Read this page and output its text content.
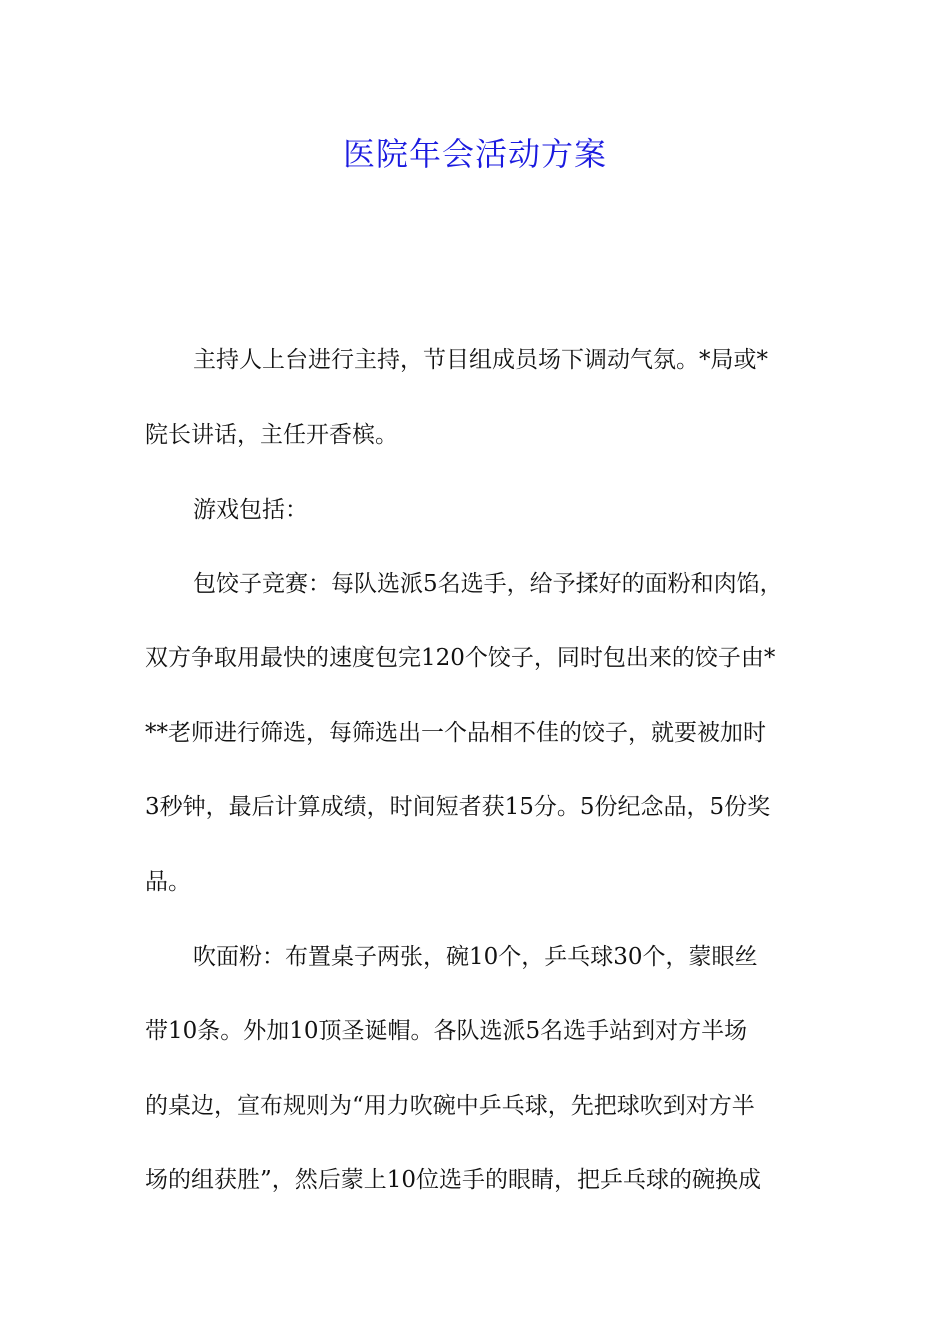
医院年会活动方案
主持人上台进行主持，节目组成员场下调动气氛。*局或*
院长讲话，主任开香槟。
游戏包括：
包饺子竞赛：每队选派5名选手，给予揉好的面粉和肉馅，
双方争取用最快的速度包完120个饺子，同时包出来的饺子由*
**老师进行筛选，每筛选出一个品相不佳的饺子，就要被加时
3秒钟，最后计算成绩，时间短者获15分。5份纪念品，5份奖
品。
吹面粉：布置桌子两张，碗10个，乒乓球30个，蒙眼丝
带10条。外加10顶圣诞帽。各队选派5名选手站到对方半场
的桌边，宣布规则为“用力吹碗中乒乓球，先把球吹到对方半
场的组获胜”，然后蒙上10位选手的眼睛，把乒乓球的碗换成
